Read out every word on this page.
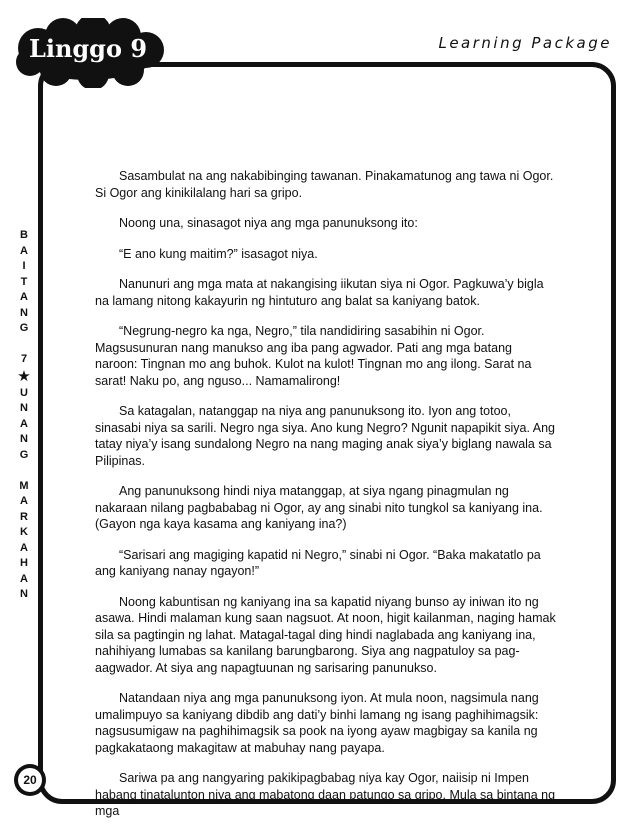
Linggo 9	Learning Package
B
A
I
T
A
N
G

7
★
U
N
A
N
G

M
A
R
K
A
H
A
N

Sasambulat na ang nakabibinging tawanan. Pinakamatunog ang tawa ni Ogor. Si Ogor ang kinikilalang hari sa gripo.

Noong una, sinasagot niya ang mga panunuksong ito:

“E ano kung maitim?” isasagot niya.

Nanunuri ang mga mata at nakangising iikutan siya ni Ogor. Pagkuwa’y bigla na lamang nitong kakayurin ng hintuturo ang balat sa kaniyang batok.

“Negrung-negro ka nga, Negro,” tila nandidiring sasabihin ni Ogor. Magsusunuran nang manukso ang iba pang agwador. Pati ang mga batang naroon: Tingnan mo ang buhok. Kulot na kulot! Tingnan mo ang ilong. Sarat na sarat! Naku po, ang nguso... Namamalirong!

Sa katagalan, natanggap na niya ang panunuksong ito. Iyon ang totoo, sinasabi niya sa sarili. Negro nga siya. Ano kung Negro? Ngunit napapikit siya. Ang tatay niya’y isang sundalong Negro na nang maging anak siya’y biglang nawala sa Pilipinas.

Ang panunuksong hindi niya matanggap, at siya ngang pinagmulan ng nakaraan nilang pagbababag ni Ogor, ay ang sinabi nito tungkol sa kaniyang ina. (Gayon nga kaya kasama ang kaniyang ina?)

“Sarisari ang magiging kapatid ni Negro,” sinabi ni Ogor. “Baka makatatlo pa ang kaniyang nanay ngayon!”

Noong kabuntisan ng kaniyang ina sa kapatid niyang bunso ay iniwan ito ng asawa. Hindi malaman kung saan nagsuot. At noon, higit kailanman, naging hamak sila sa pagtingin ng lahat. Matagal-tagal ding hindi naglabada ang kaniyang ina, nahihiyang lumabas sa kanilang barungbarong. Siya ang nagpatuloy sa pag-aagwador. At siya ang napagtuunan ng sarisaring panunukso.

Natandaan niya ang mga panunuksong iyon. At mula noon, nagsimula nang umalimpuyo sa kaniyang dibdib ang dati’y binhi lamang ng isang paghihimagsik: nagsusumigaw na paghihimagsik sa pook na iyong ayaw magbigay sa kanila ng pagkakataong makagitaw at mabuhay nang payapa.

Sariwa pa ang nangyaring pakikipagbabag niya kay Ogor, naiisip ni Impen habang tinatalunton niya ang mabatong daan patungo sa gripo. Mula sa bintana ng mga

20
